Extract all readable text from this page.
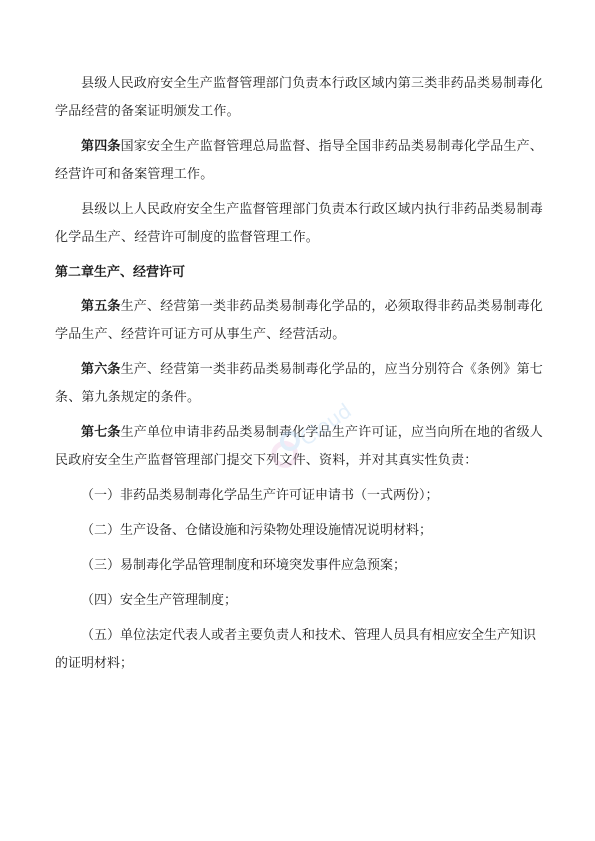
县级人民政府安全生产监督管理部门负责本行政区域内第三类非药品类易制毒化学品经营的备案证明颁发工作。

第四条国家安全生产监督管理总局监督、指导全国非药品类易制毒化学品生产、经营许可和备案管理工作。

县级以上人民政府安全生产监督管理部门负责本行政区域内执行非药品类易制毒化学品生产、经营许可制度的监督管理工作。

第二章生产、经营许可

第五条生产、经营第一类非药品类易制毒化学品的，必须取得非药品类易制毒化学品生产、经营许可证方可从事生产、经营活动。

第六条生产、经营第一类非药品类易制毒化学品的，应当分别符合《条例》第七条、第九条规定的条件。

第七条生产单位申请非药品类易制毒化学品生产许可证，应当向所在地的省级人民政府安全生产监督管理部门提交下列文件、资料，并对其真实性负责：

（一）非药品类易制毒化学品生产许可证申请书（一式两份）；
（二）生产设备、仓储设施和污染物处理设施情况说明材料；
（三）易制毒化学品管理制度和环境突发事件应急预案；
（四）安全生产管理制度；
（五）单位法定代表人或者主要负责人和技术、管理人员具有相应安全生产知识的证明材料；
Cloud
